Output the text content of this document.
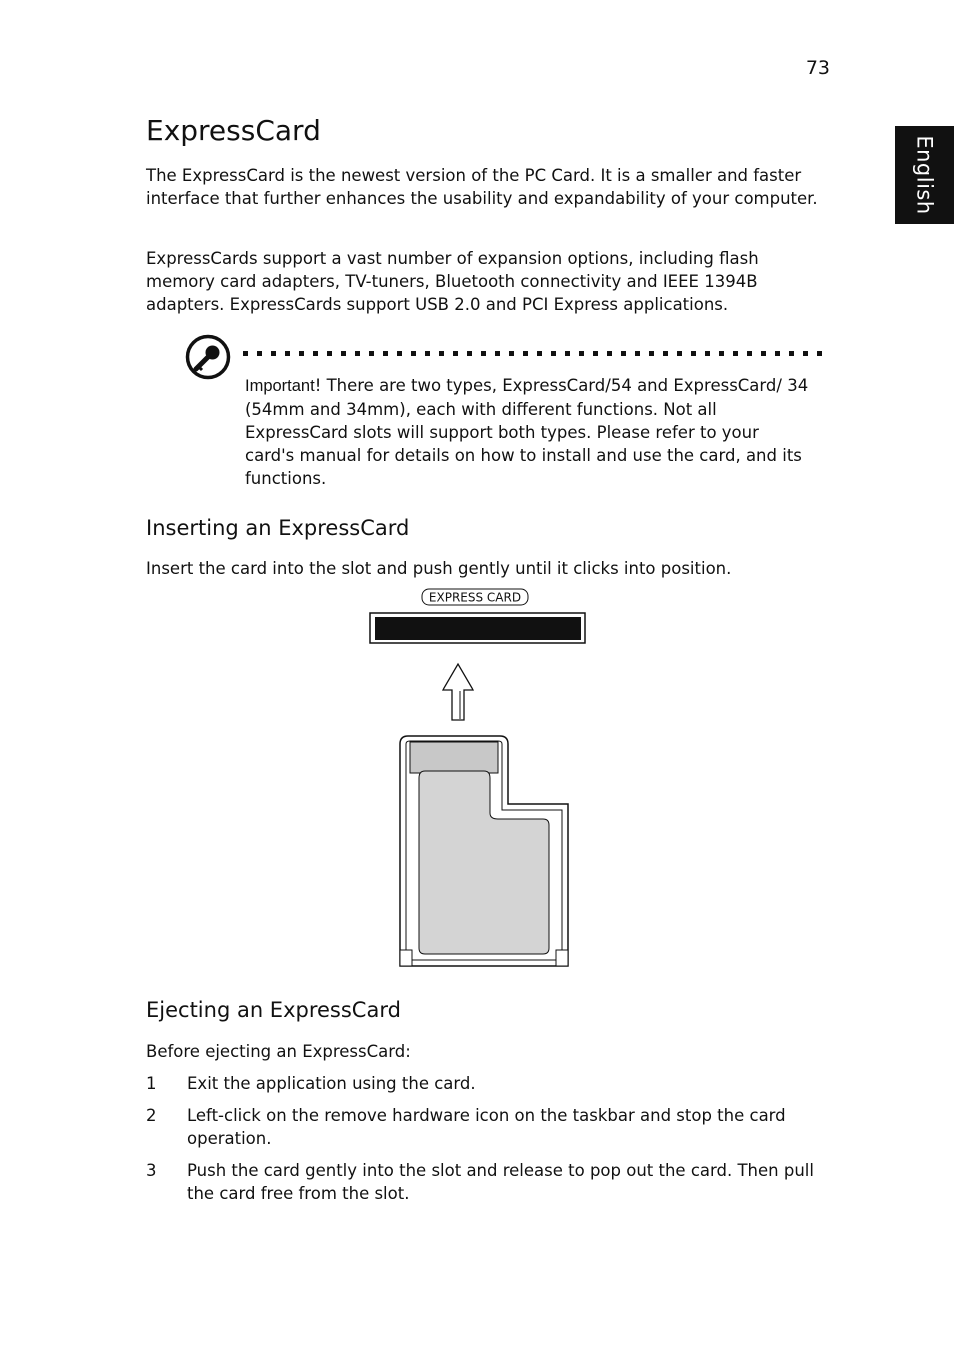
73
English
ExpressCard

The ExpressCard is the newest version of the PC Card. It is a smaller and faster interface that further enhances the usability and expandability of your computer.

ExpressCards support a vast number of expansion options, including flash memory card adapters, TV-tuners, Bluetooth connectivity and IEEE 1394B adapters. ExpressCards support USB 2.0 and PCI Express applications.

Important! There are two types, ExpressCard/54 and ExpressCard/ 34 (54mm and 34mm), each with different functions. Not all ExpressCard slots will support both types. Please refer to your card's manual for details on how to install and use the card, and its functions.

Inserting an ExpressCard

Insert the card into the slot and push gently until it clicks into position.

EXPRESS CARD
Ejecting an ExpressCard

Before ejecting an ExpressCard:

1 Exit the application using the card.
2 Left-click on the remove hardware icon on the taskbar and stop the card operation.
3 Push the card gently into the slot and release to pop out the card. Then pull the card free from the slot.
